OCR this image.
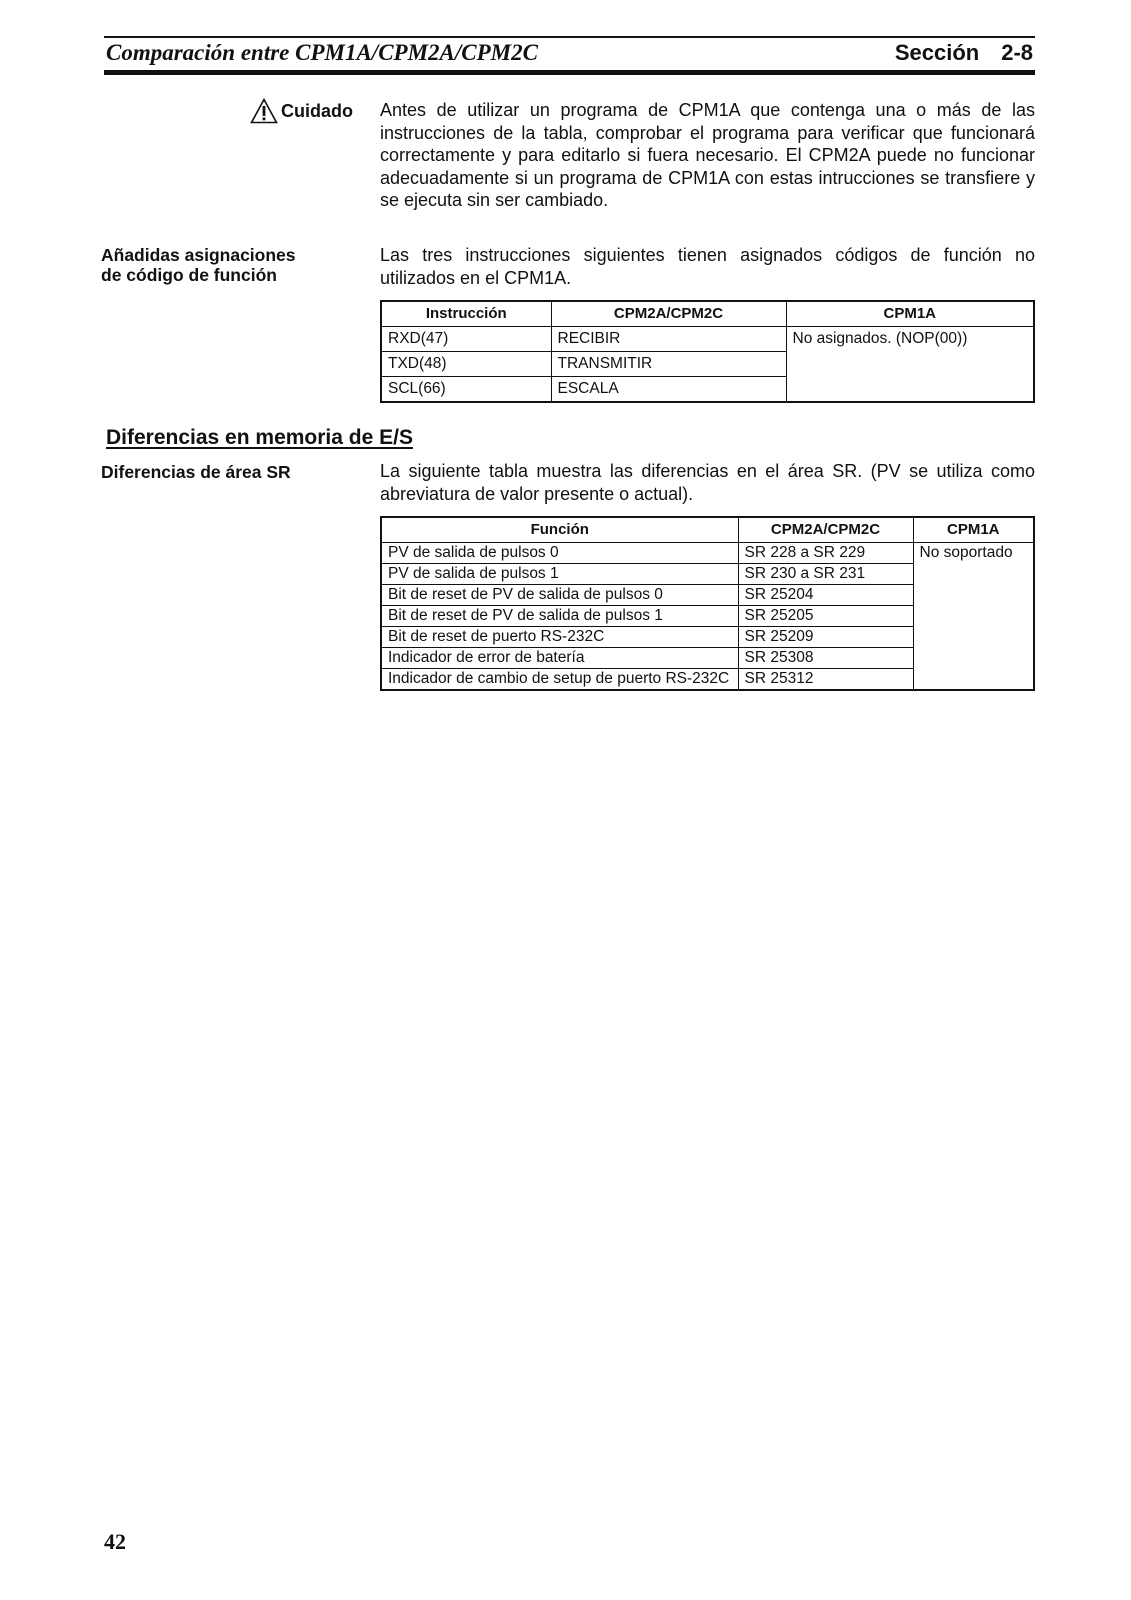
Comparación entre CPM1A/CPM2A/CPM2C	Sección 2-8
Cuidado Antes de utilizar un programa de CPM1A que contenga una o más de las instrucciones de la tabla, comprobar el programa para verificar que funcionará correctamente y para editarlo si fuera necesario. El CPM2A puede no funcionar adecuadamente si un programa de CPM1A con estas intrucciones se transfiere y se ejecuta sin ser cambiado.
Añadidas asignaciones
de código de función
Las tres instrucciones siguientes tienen asignados códigos de función no utilizados en el CPM1A.
Instrucción	CPM2A/CPM2C	CPM1A
RXD(47)	RECIBIR	No asignados. (NOP(00))
TXD(48)	TRANSMITIR	
SCL(66)	ESCALA	
Diferencias en memoria de E/S
Diferencias de área SR	La siguiente tabla muestra las diferencias en el área SR. (PV se utiliza como abreviatura de valor presente o actual).
Función	CPM2A/CPM2C	CPM1A
PV de salida de pulsos 0	SR 228 a SR 229	No soportado
PV de salida de pulsos 1	SR 230 a SR 231	
Bit de reset de PV de salida de pulsos 0	SR 25204	
Bit de reset de PV de salida de pulsos 1	SR 25205	
Bit de reset de puerto RS-232C	SR 25209	
Indicador de error de batería	SR 25308	
Indicador de cambio de setup de puerto RS-232C	SR 25312	
42
